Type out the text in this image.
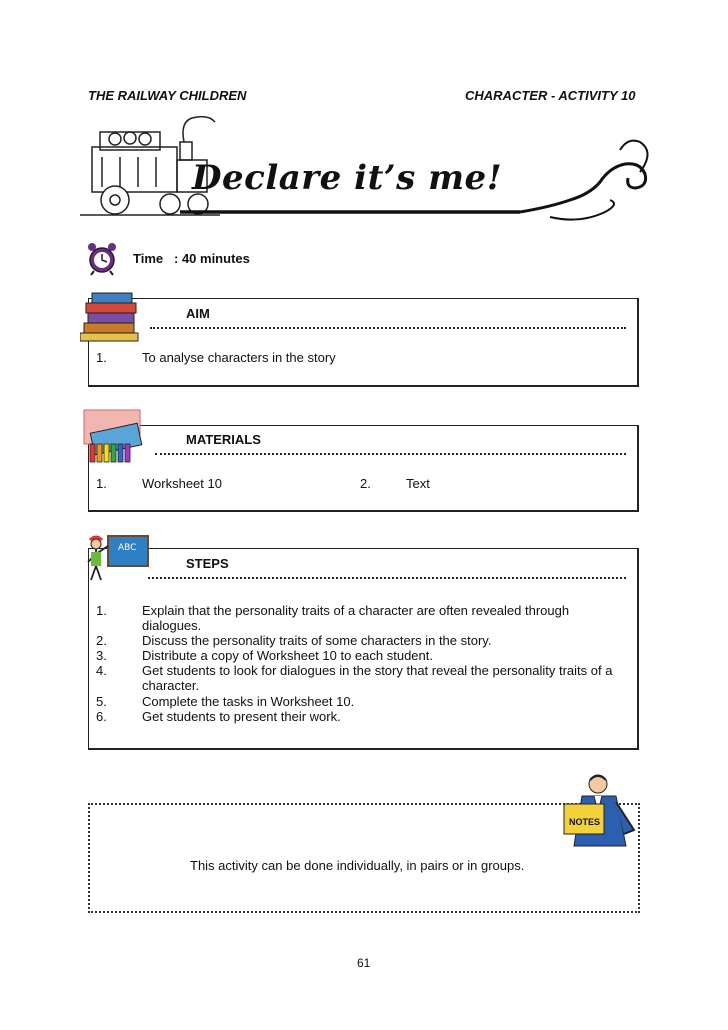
THE RAILWAY CHILDREN	CHARACTER - ACTIVITY 10
Declare it’s me!
Time : 40 minutes
AIM
1.	To analyse characters in the story
MATERIALS
1.	Worksheet 10	2.	Text
ABC
STEPS
1.	Explain that the personality traits of a character are often revealed through dialogues.
2.	Discuss the personality traits of some characters in the story.
3.	Distribute a copy of Worksheet 10 to each student.
4.	Get students to look for dialogues in the story that reveal the personality traits of a character.
5.	Complete the tasks in Worksheet 10.
6.	Get students to present their work.
NOTES
This activity can be done individually, in pairs or in groups.
61
